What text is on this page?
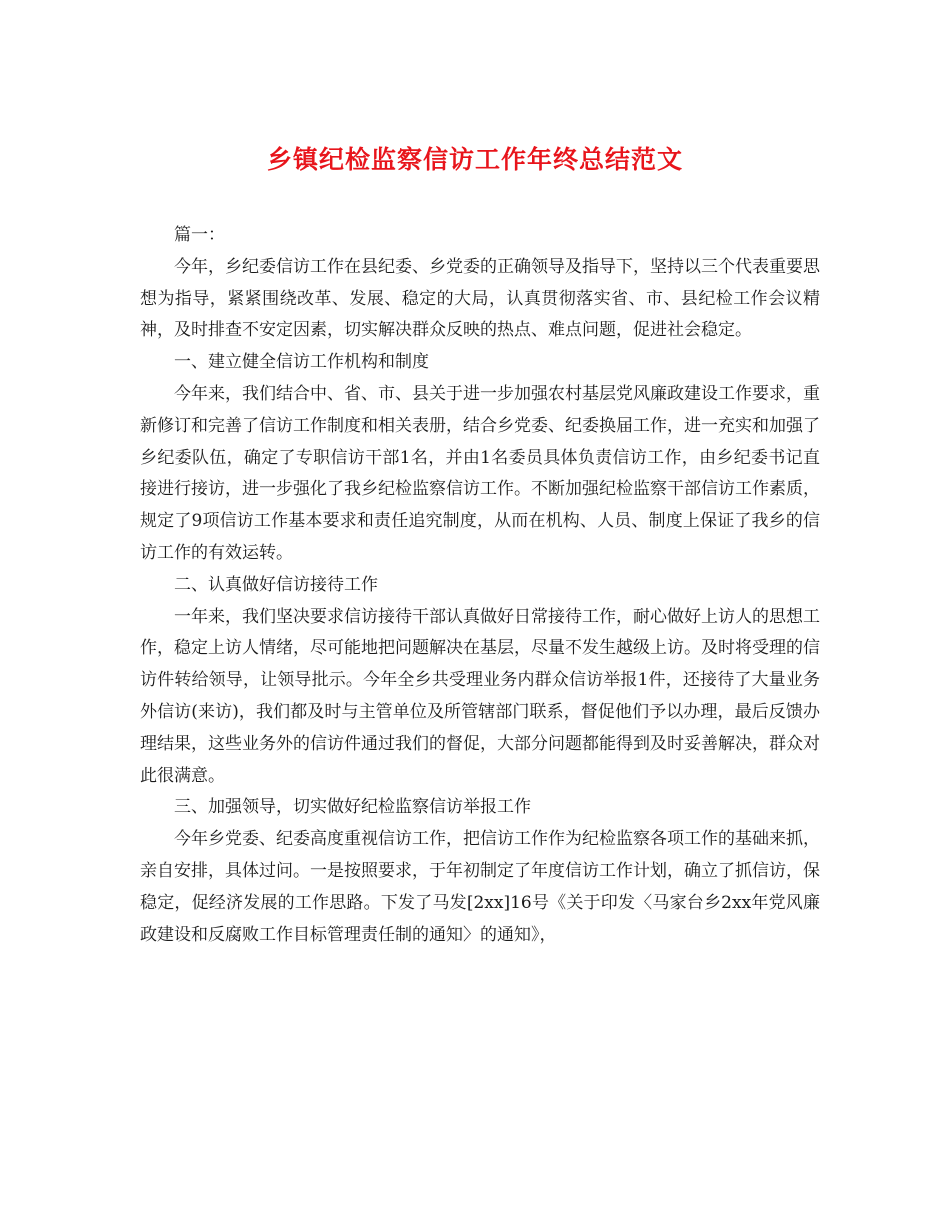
乡镇纪检监察信访工作年终总结范文

篇一：

今年，乡纪委信访工作在县纪委、乡党委的正确领导及指导下，坚持以三个代表重要思想为指导，紧紧围绕改革、发展、稳定的大局，认真贯彻落实省、市、县纪检工作会议精神，及时排查不安定因素，切实解决群众反映的热点、难点问题，促进社会稳定。

一、建立健全信访工作机构和制度

今年来，我们结合中、省、市、县关于进一步加强农村基层党风廉政建设工作要求，重新修订和完善了信访工作制度和相关表册，结合乡党委、纪委换届工作，进一充实和加强了乡纪委队伍，确定了专职信访干部1名，并由1名委员具体负责信访工作，由乡纪委书记直接进行接访，进一步强化了我乡纪检监察信访工作。不断加强纪检监察干部信访工作素质，规定了9项信访工作基本要求和责任追究制度，从而在机构、人员、制度上保证了我乡的信访工作的有效运转。

二、认真做好信访接待工作

一年来，我们坚决要求信访接待干部认真做好日常接待工作，耐心做好上访人的思想工作，稳定上访人情绪，尽可能地把问题解决在基层，尽量不发生越级上访。及时将受理的信访件转给领导，让领导批示。今年全乡共受理业务内群众信访举报1件，还接待了大量业务外信访(来访)，我们都及时与主管单位及所管辖部门联系，督促他们予以办理，最后反馈办理结果，这些业务外的信访件通过我们的督促，大部分问题都能得到及时妥善解决，群众对此很满意。

三、加强领导，切实做好纪检监察信访举报工作

今年乡党委、纪委高度重视信访工作，把信访工作作为纪检监察各项工作的基础来抓，亲自安排，具体过问。一是按照要求，于年初制定了年度信访工作计划，确立了抓信访，保稳定，促经济发展的工作思路。下发了马发[2xx]16号《关于印发〈马家台乡2xx年党风廉政建设和反腐败工作目标管理责任制的通知〉的通知》，
